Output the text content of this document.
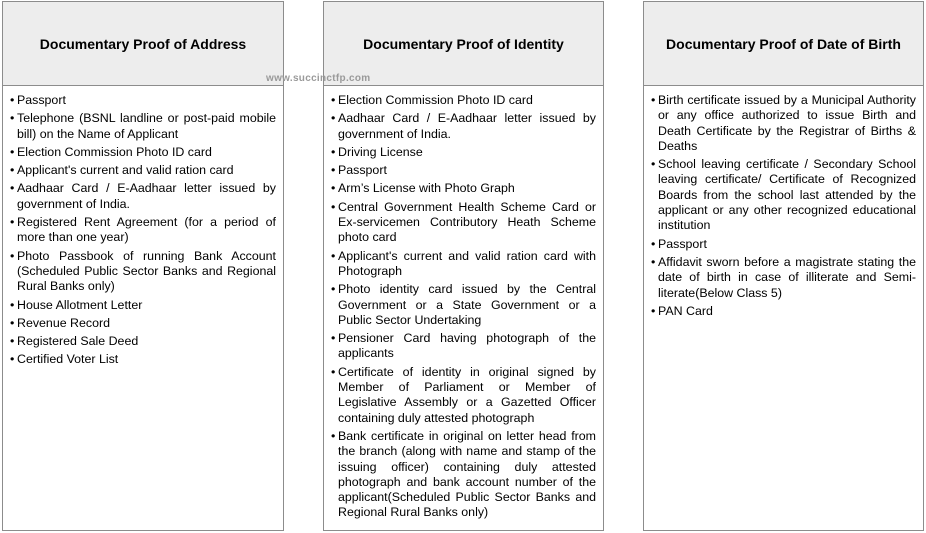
Documentary Proof of Address
• Passport
• Telephone (BSNL landline or post-paid mobile bill) on the Name of Applicant
• Election Commission Photo ID card
• Applicant's current and valid ration card
• Aadhaar Card / E-Aadhaar letter issued by government of India.
• Registered Rent Agreement (for a period of more than one year)
• Photo Passbook of running Bank Account (Scheduled Public Sector Banks and Regional Rural Banks only)
• House Allotment Letter
• Revenue Record
• Registered Sale Deed
• Certified Voter List
Documentary Proof of Identity
• Election Commission Photo ID card
• Aadhaar Card / E-Aadhaar letter issued by government of India.
• Driving License
• Passport
• Arm’s License with Photo Graph
• Central Government Health Scheme Card or Ex-servicemen Contributory Heath Scheme photo card
• Applicant's current and valid ration card with Photograph
• Photo identity card issued by the Central Government or a State Government or a Public Sector Undertaking
• Pensioner Card having photograph of the applicants
• Certificate of identity in original signed by Member of Parliament or Member of Legislative Assembly or a Gazetted Officer containing duly attested photograph
• Bank certificate in original on letter head from the branch (along with name and stamp of the issuing officer) containing duly attested photograph and bank account number of the applicant(Scheduled Public Sector Banks and Regional Rural Banks only)
Documentary Proof of Date of Birth
• Birth certificate issued by a Municipal Authority or any office authorized to issue Birth and Death Certificate by the Registrar of Births & Deaths
• School leaving certificate / Secondary School leaving certificate/ Certificate of Recognized Boards from the school last attended by the applicant or any other recognized educational institution
• Passport
• Affidavit sworn before a magistrate stating the date of birth in case of illiterate and Semi-literate(Below Class 5)
• PAN Card
www.succinctfp.com
